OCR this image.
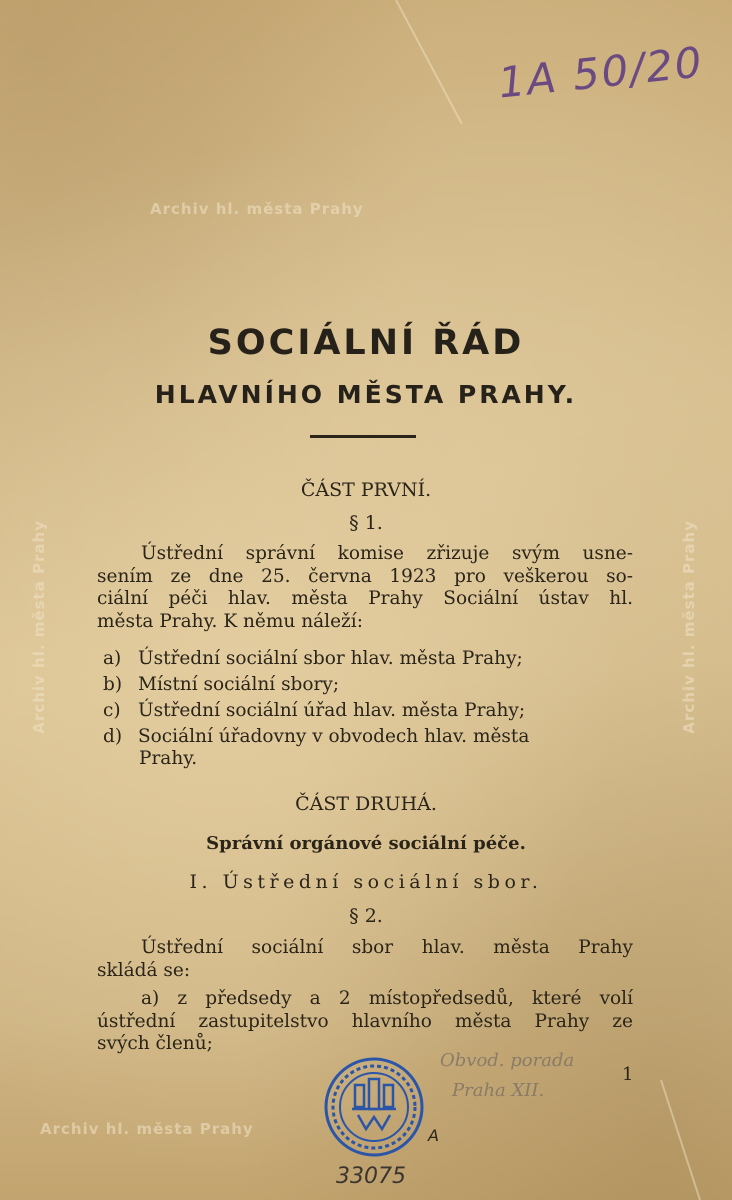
Archiv hl. města Prahy
Archiv hl. města Prahy	Archiv hl. města Prahy
Archiv hl. města Prahy
1A 50/20
SOCIÁLNÍ ŘÁD
HLAVNÍHO MĚSTA PRAHY.
ČÁST PRVNÍ.
§ 1.
Ústřední správní komise zřizuje svým usne-
sením ze dne 25. června 1923 pro veškerou so-
ciální péči hlav. města Prahy Sociální ústav hl.
města Prahy. K němu náleží:
a) Ústřední sociální sbor hlav. města Prahy;
b) Místní sociální sbory;
c) Ústřední sociální úřad hlav. města Prahy;
d) Sociální úřadovny v obvodech hlav. města
Prahy.
ČÁST DRUHÁ.
Správní orgánové sociální péče.
I. Ústřední sociální sbor.
§ 2.
Ústřední sociální sbor hlav. města Prahy
skládá se:
a) z předsedy a 2 místopředsedů, které volí
ústřední zastupitelstvo hlavního města Prahy ze
svých členů;
A
Obvod. porada
Praha XII.
1
33075
